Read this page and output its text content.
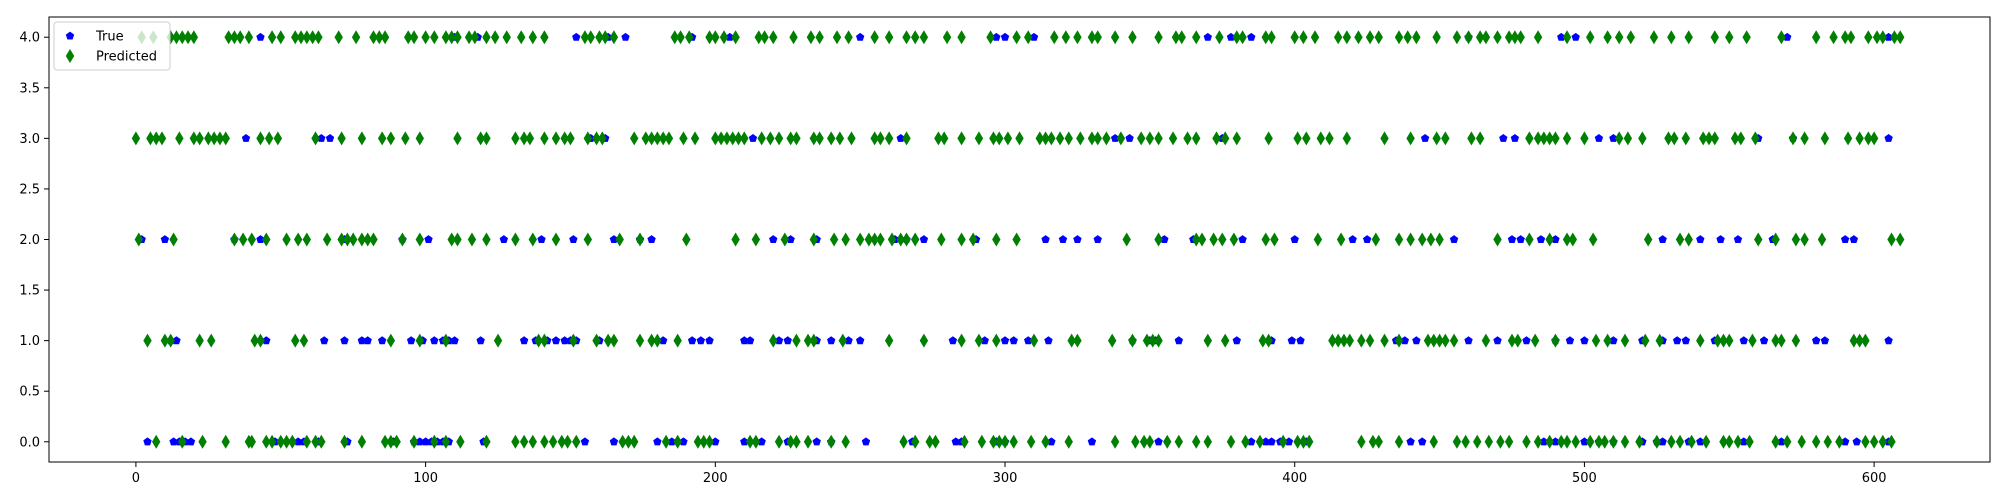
0	100	200	300	400	500	600
0.0
0.5
1.0
1.5
2.0
2.5
3.0
3.5
4.0	True
Predicted
